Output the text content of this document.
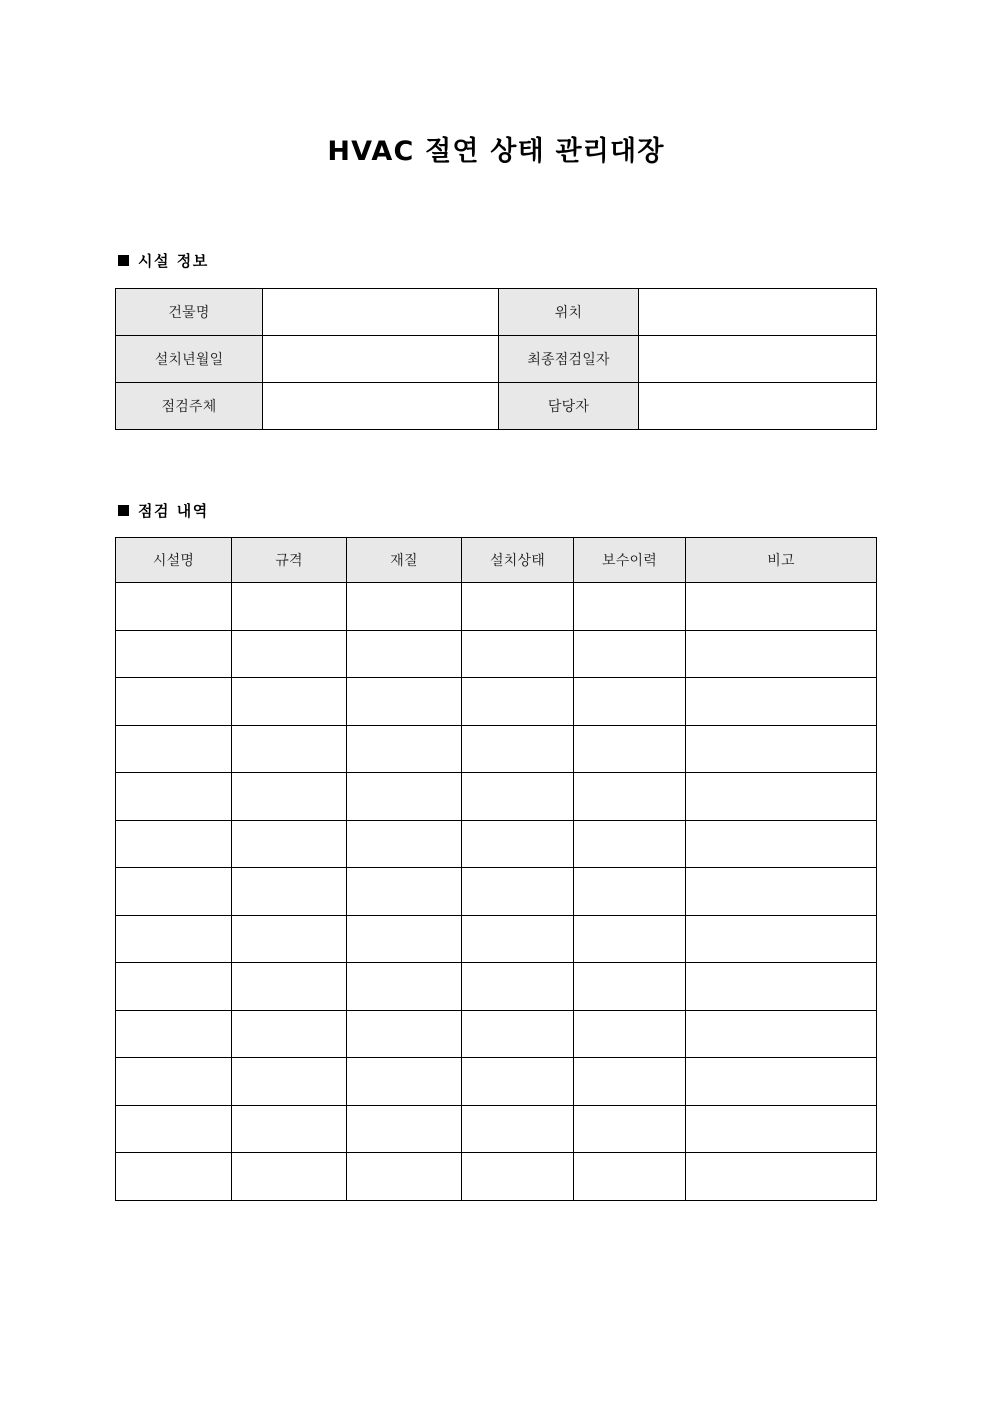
HVAC 절연 상태 관리대장
시설 정보
건물명		위치	
설치년월일		최종점검일자	
점검주체		담당자	
점검 내역
시설명	규격	재질	설치상태	보수이력	비고
